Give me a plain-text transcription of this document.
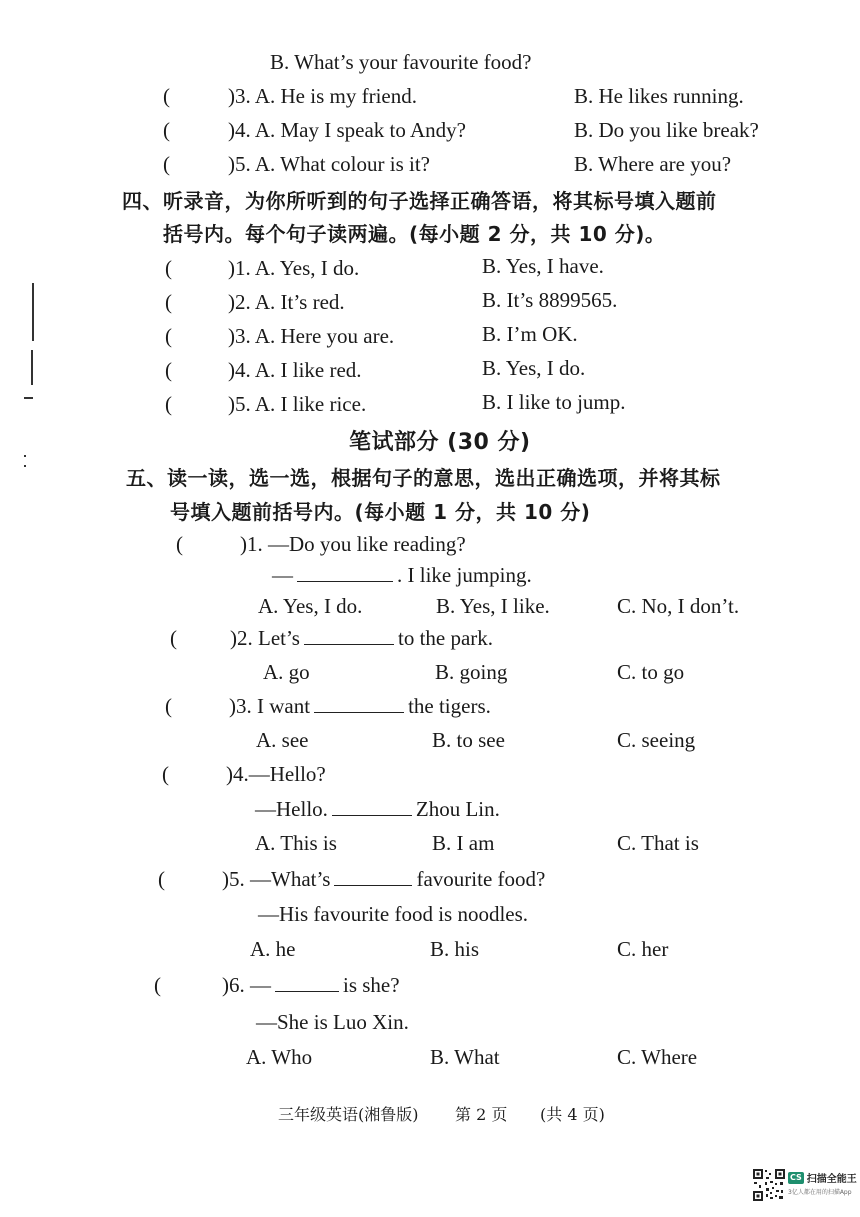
B. What’s your favourite food?
(	)3. A. He is my friend.	B. He likes running.
(	)4. A. May I speak to Andy?	B. Do you like break?
(	)5. A. What colour is it?	B. Where are you?
四、听录音，为你所听到的句子选择正确答语，将其标号填入题前
括号内。每个句子读两遍。(每小题 2 分，共 10 分)。
(	)1. A. Yes, I do.	B. Yes, I have.
(	)2. A. It’s red.	B. It’s 8899565.
(	)3. A. Here you are.	B. I’m OK.
(	)4. A. I like red.	B. Yes, I do.
(	)5. A. I like rice.	B. I like to jump.
笔试部分 (30 分)
五、读一读，选一选，根据句子的意思，选出正确选项，并将其标
号填入题前括号内。(每小题 1 分，共 10 分)
(	)1. —Do you like reading?
—	. I like jumping.
A. Yes, I do.	B. Yes, I like.	C. No, I don’t.
(	)2. Let’s	to the park.
A. go	B. going	C. to go
(	)3. I want	the tigers.
A. see	B. to see	C. seeing
(	)4.—Hello?
—Hello.	Zhou Lin.
A. This is	B. I am	C. That is
(	)5. —What’s	favourite food?
—His favourite food is noodles.
A. he	B. his	C. her
(	)6. —	is she?
—She is Luo Xin.
A. Who	B. What	C. Where
三年级英语(湘鲁版) 第 2 页 (共 4 页)
CS 扫描全能王
3亿人都在用的扫描App
